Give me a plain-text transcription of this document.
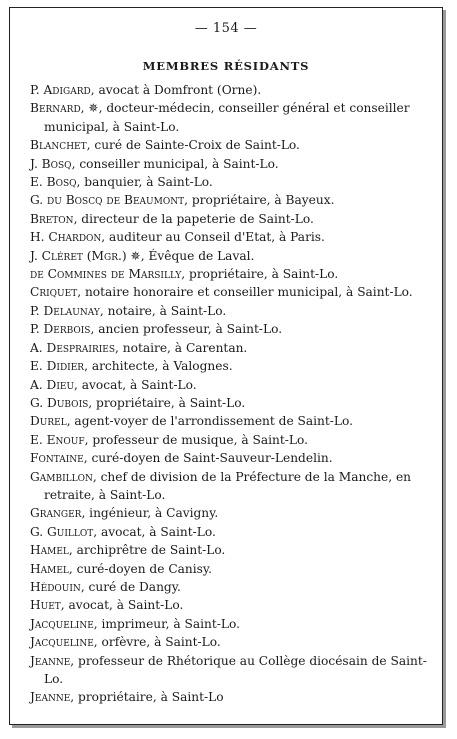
— 154 —
MEMBRES RÉSIDANTS
P. Adigard, avocat à Domfront (Orne).
Bernard, ✵, docteur-médecin, conseiller général et conseiller municipal, à Saint-Lo.
Blanchet, curé de Sainte-Croix de Saint-Lo.
J. Bosq, conseiller municipal, à Saint-Lo.
E. Bosq, banquier, à Saint-Lo.
G. du Boscq de Beaumont, propriétaire, à Bayeux.
Breton, directeur de la papeterie de Saint-Lo.
H. Chardon, auditeur au Conseil d'Etat, à Paris.
J. Cléret (Mgr.) ✵, Évêque de Laval.
de Commines de Marsilly, propriétaire, à Saint-Lo.
Criquet, notaire honoraire et conseiller municipal, à Saint-Lo.
P. Delaunay, notaire, à Saint-Lo.
P. Derbois, ancien professeur, à Saint-Lo.
A. Desprairies, notaire, à Carentan.
E. Didier, architecte, à Valognes.
A. Dieu, avocat, à Saint-Lo.
G. Dubois, propriétaire, à Saint-Lo.
Durel, agent-voyer de l'arrondissement de Saint-Lo.
E. Enouf, professeur de musique, à Saint-Lo.
Fontaine, curé-doyen de Saint-Sauveur-Lendelin.
Gambillon, chef de division de la Préfecture de la Manche, en retraite, à Saint-Lo.
Granger, ingénieur, à Cavigny.
G. Guillot, avocat, à Saint-Lo.
Hamel, archiprêtre de Saint-Lo.
Hamel, curé-doyen de Canisy.
Hédouin, curé de Dangy.
Huet, avocat, à Saint-Lo.
Jacqueline, imprimeur, à Saint-Lo.
Jacqueline, orfèvre, à Saint-Lo.
Jeanne, professeur de Rhétorique au Collège diocésain de Saint-Lo.
Jeanne, propriétaire, à Saint-Lo
